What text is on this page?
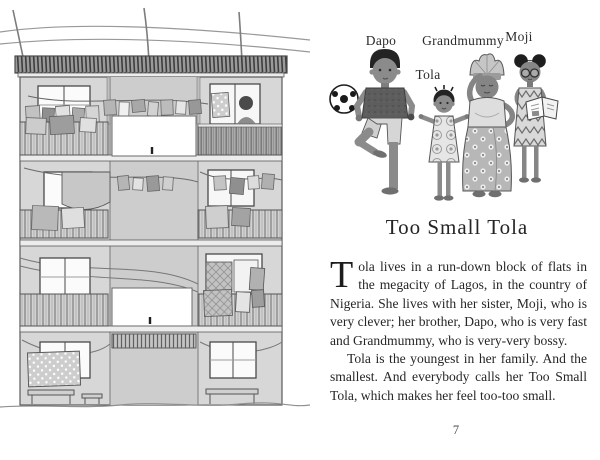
Dapo
Tola
Grandmummy Moji
Too Small Tola

Tola lives in a run-down block of flats in the megacity of Lagos, in the country of Nigeria. She lives with her sister, Moji, who is very clever; her brother, Dapo, who is very fast and Grandmummy, who is very-very bossy.

Tola is the youngest in her family. And the smallest. And everybody calls her Too Small Tola, which makes her feel too-too small.

7
